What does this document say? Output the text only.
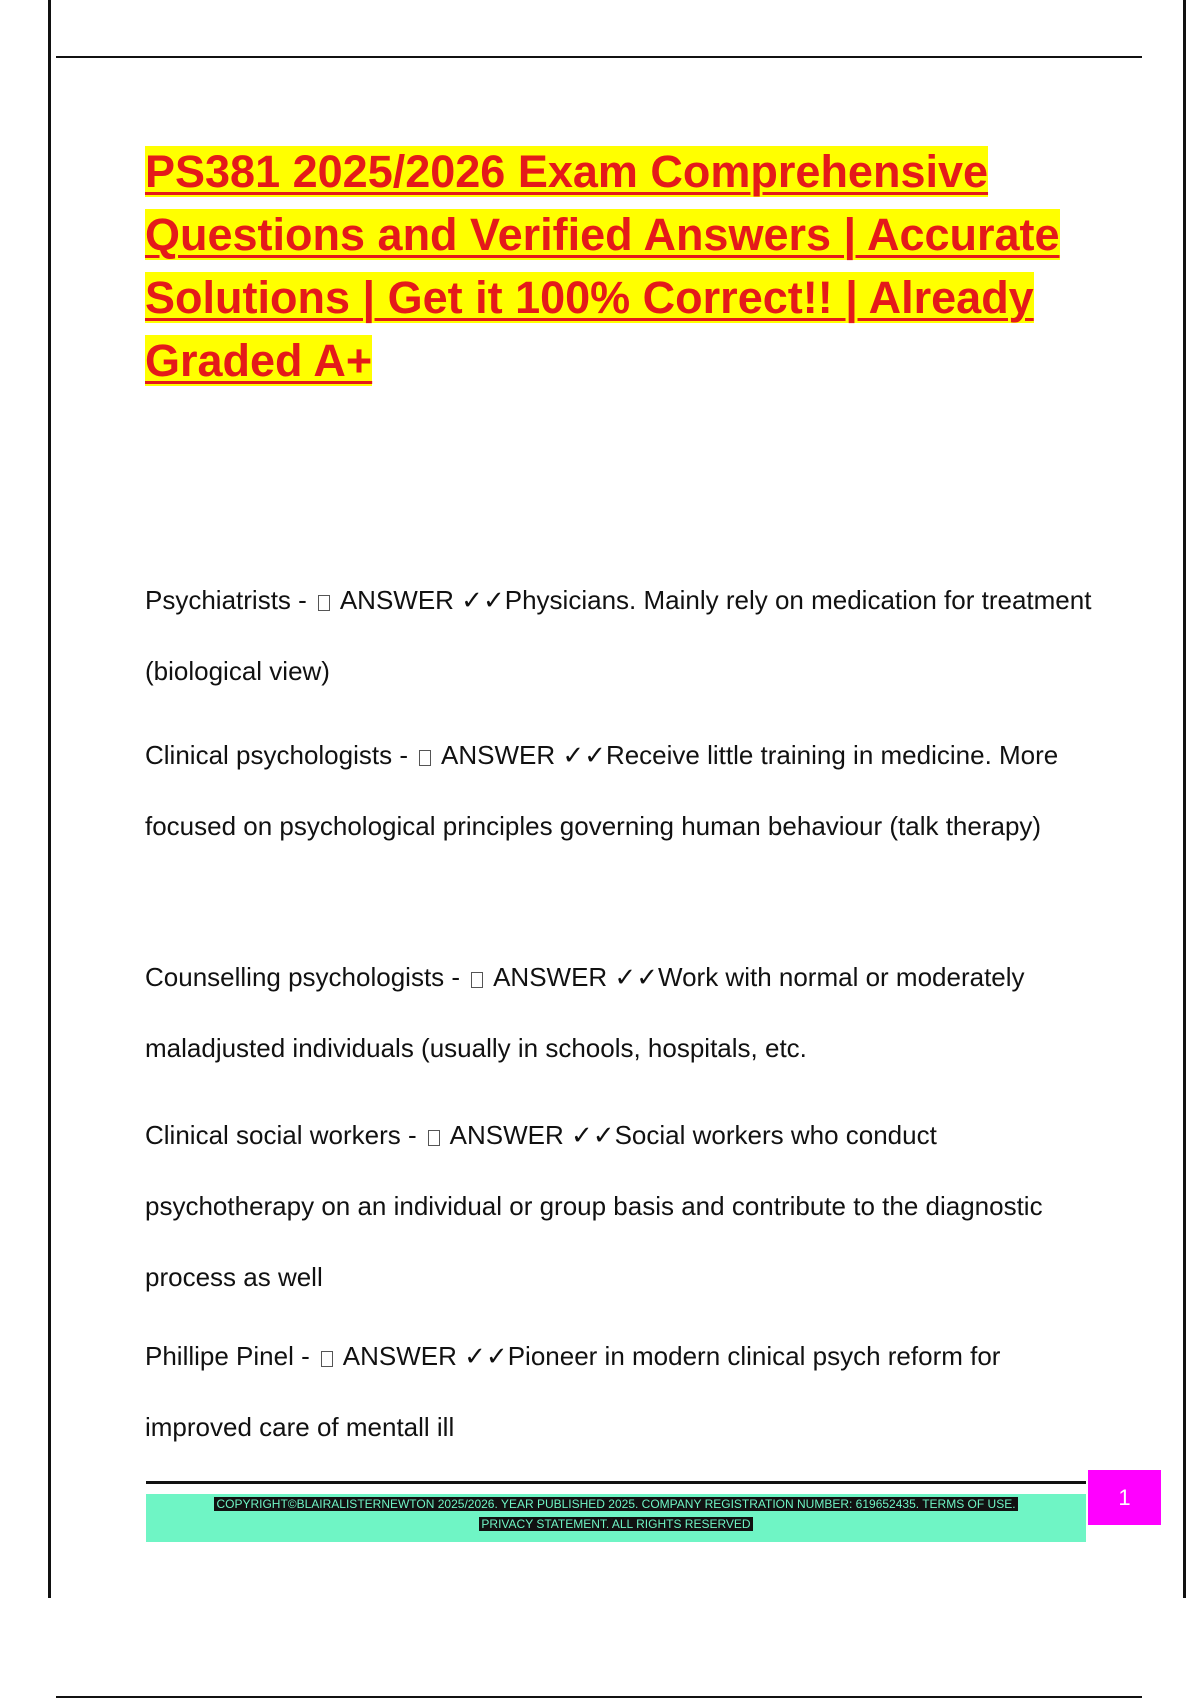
PS381 2025/2026 Exam Comprehensive Questions and Verified Answers | Accurate Solutions | Get it 100% Correct!! | Already Graded A+

Psychiatrists -  ANSWER ✓✓Physicians. Mainly rely on medication for treatment (biological view)

Clinical psychologists -  ANSWER ✓✓Receive little training in medicine. More focused on psychological principles governing human behaviour (talk therapy)

Counselling psychologists -  ANSWER ✓✓Work with normal or moderately maladjusted individuals (usually in schools, hospitals, etc.

Clinical social workers -  ANSWER ✓✓Social workers who conduct psychotherapy on an individual or group basis and contribute to the diagnostic process as well

Phillipe Pinel -  ANSWER ✓✓Pioneer in modern clinical psych reform for improved care of mentall ill

COPYRIGHT©BLAIRALISTERNEWTON 2025/2026. YEAR PUBLISHED 2025. COMPANY REGISTRATION NUMBER: 619652435. TERMS OF USE.
PRIVACY STATEMENT. ALL RIGHTS RESERVED
1
